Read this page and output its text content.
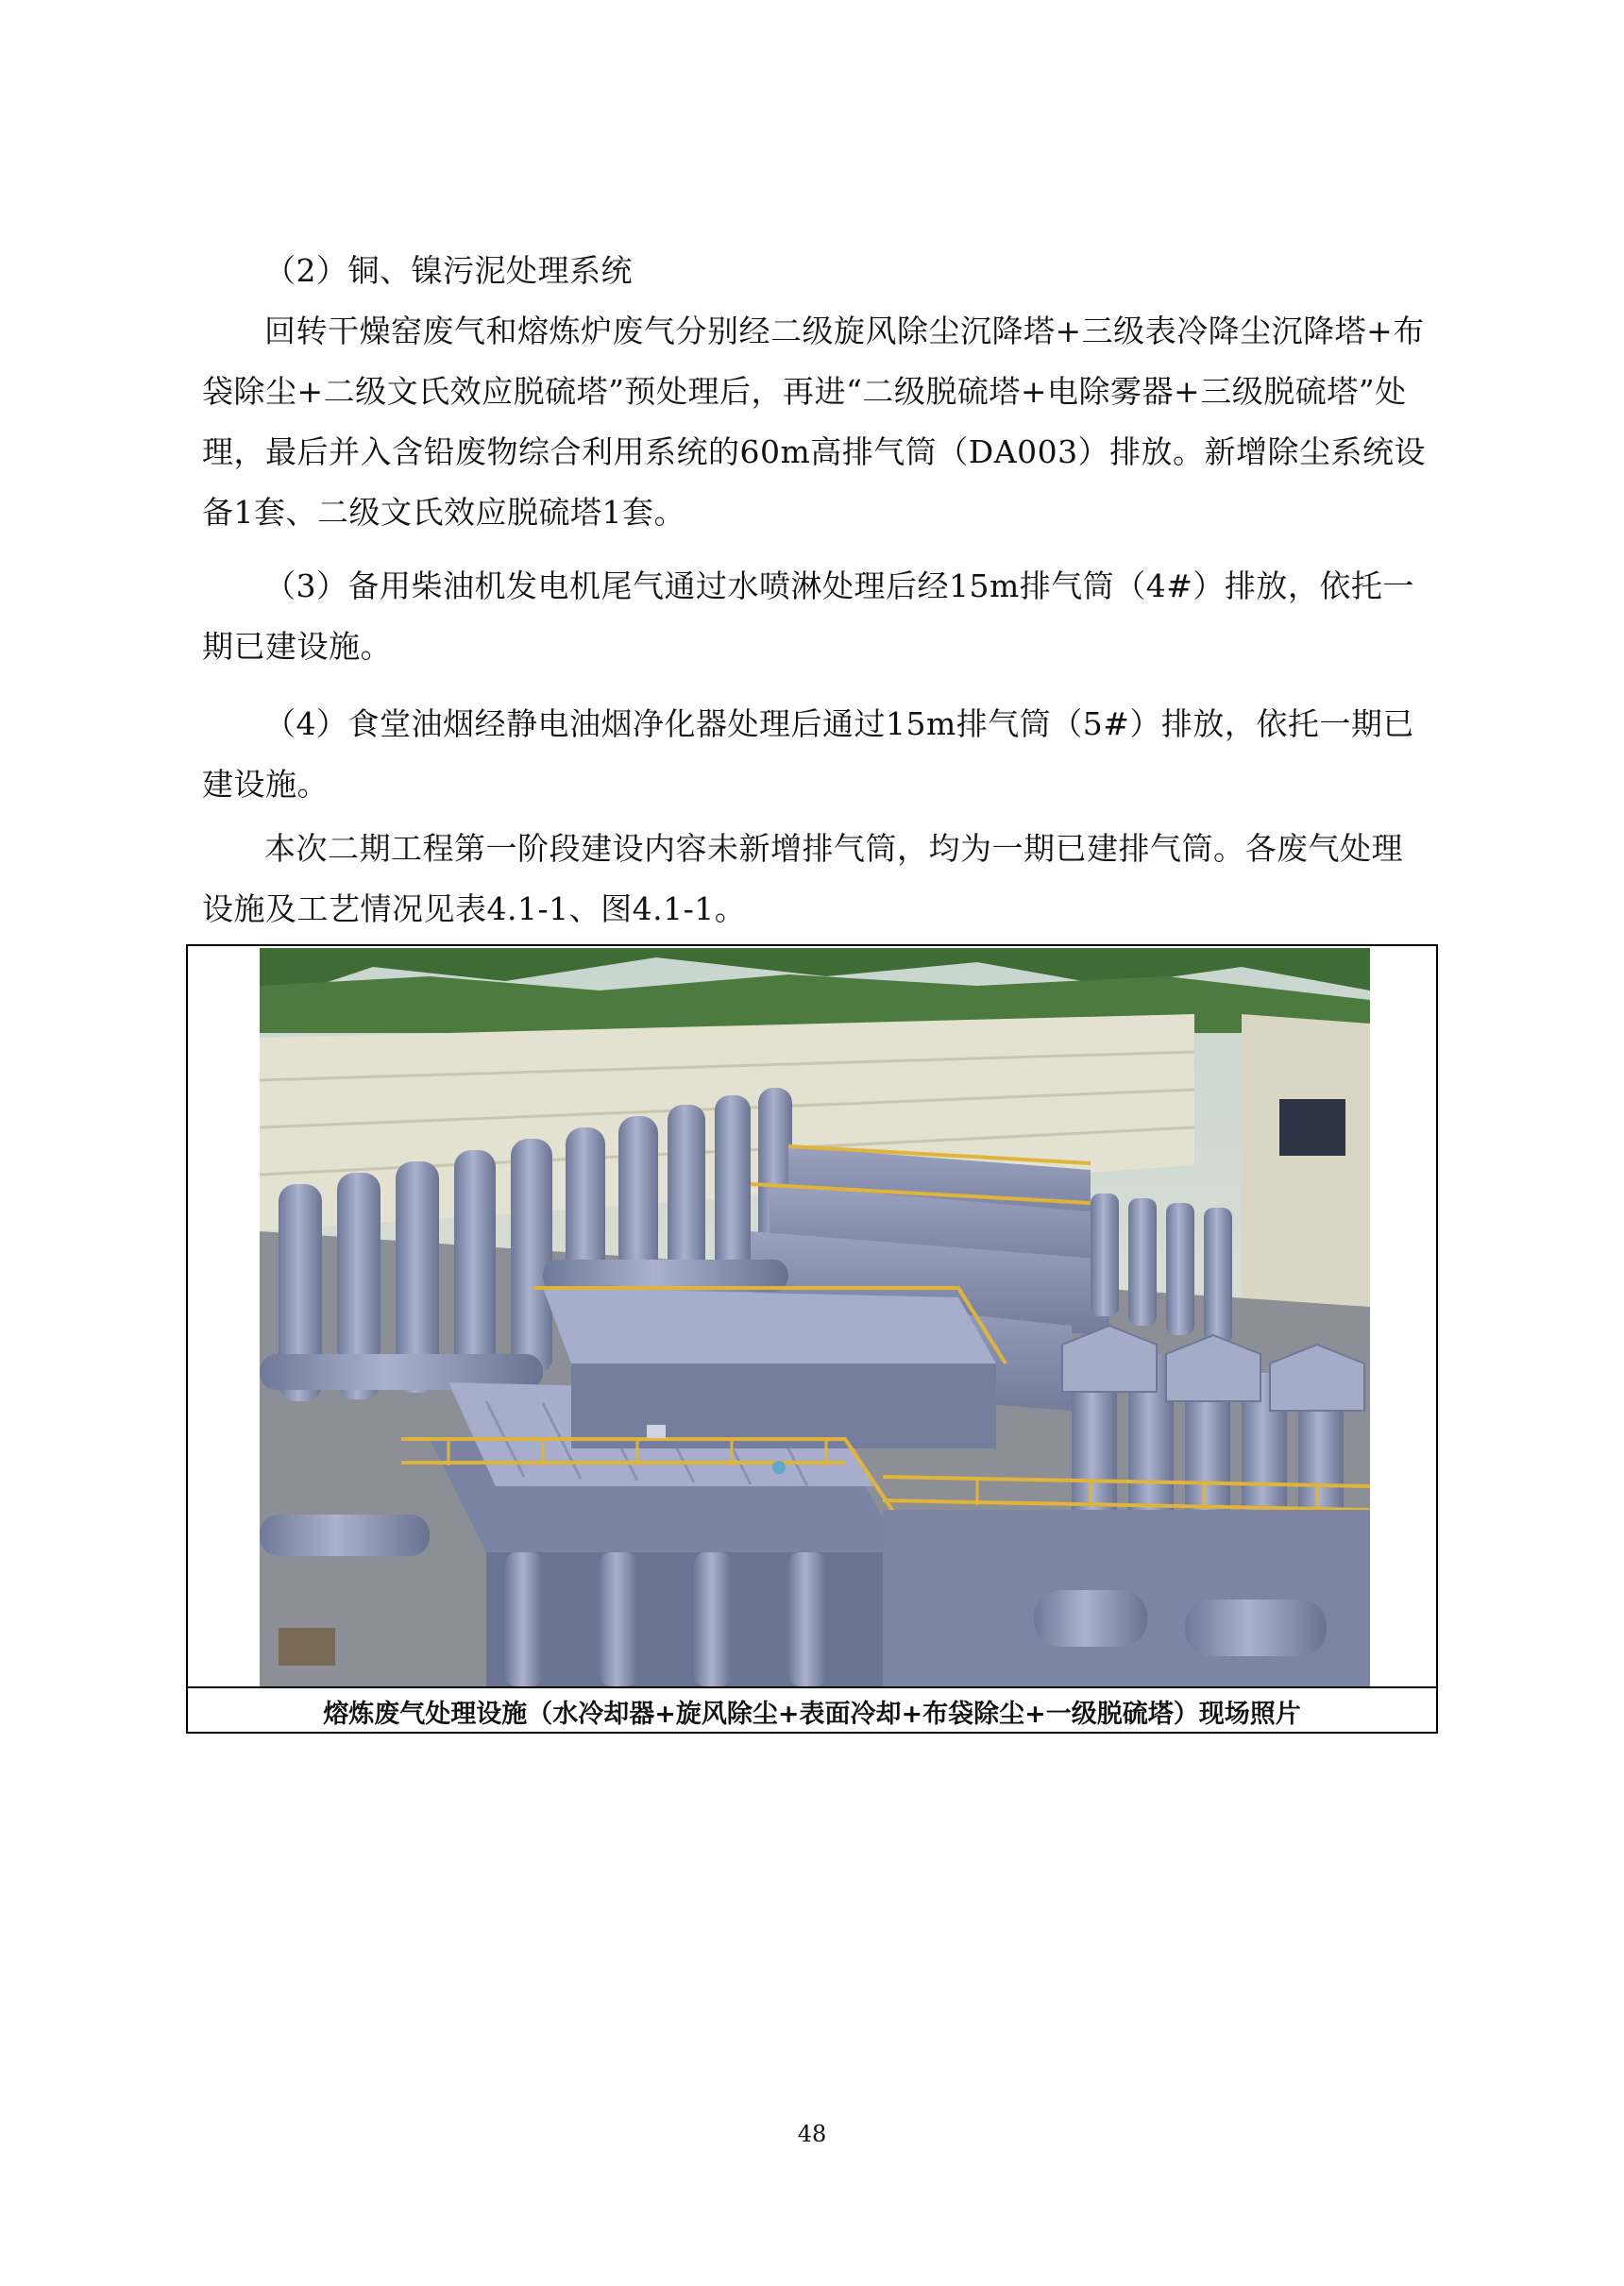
（2）铜、镍污泥处理系统

回转干燥窑废气和熔炼炉废气分别经二级旋风除尘沉降塔+三级表冷降尘沉降塔+布袋除尘+二级文氏效应脱硫塔”预处理后，再进“二级脱硫塔+电除雾器+三级脱硫塔”处理，最后并入含铅废物综合利用系统的60m高排气筒（DA003）排放。新增除尘系统设备1套、二级文氏效应脱硫塔1套。

（3）备用柴油机发电机尾气通过水喷淋处理后经15m排气筒（4#）排放，依托一期已建设施。

（4）食堂油烟经静电油烟净化器处理后通过15m排气筒（5#）排放，依托一期已建设施。

本次二期工程第一阶段建设内容未新增排气筒，均为一期已建排气筒。各废气处理设施及工艺情况见表4.1-1、图4.1-1。

熔炼废气处理设施（水冷却器+旋风除尘+表面冷却+布袋除尘+一级脱硫塔）现场照片
48
